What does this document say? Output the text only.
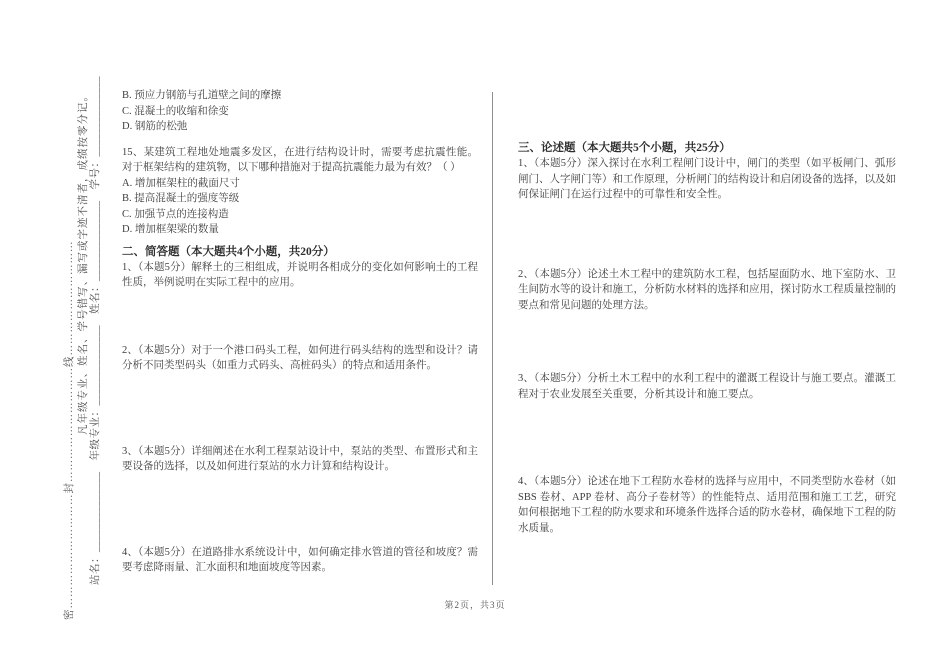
站名：______________　年级专业：______________　姓名：______________　学号：______________
凡年级专业、姓名、学号错写、漏写或字迹不清者，成绩按零分记。
密…………………………封…………………………线…………………………
B. 预应力钢筋与孔道壁之间的摩擦
C. 混凝土的收缩和徐变
D. 钢筋的松弛

15、某建筑工程地处地震多发区，在进行结构设计时，需要考虑抗震性能。对于框架结构的建筑物，以下哪种措施对于提高抗震能力最为有效？（ ）

A. 增加框架柱的截面尺寸
B. 提高混凝土的强度等级
C. 加强节点的连接构造
D. 增加框架梁的数量
二、简答题（本大题共4个小题，共20分）

1、（本题5分）解释土的三相组成，并说明各相成分的变化如何影响土的工程性质，举例说明在实际工程中的应用。

2、（本题5分）对于一个港口码头工程，如何进行码头结构的选型和设计？请分析不同类型码头（如重力式码头、高桩码头）的特点和适用条件。

3、（本题5分）详细阐述在水利工程泵站设计中，泵站的类型、布置形式和主要设备的选择，以及如何进行泵站的水力计算和结构设计。

4、（本题5分）在道路排水系统设计中，如何确定排水管道的管径和坡度？需要考虑降雨量、汇水面积和地面坡度等因素。

三、论述题（本大题共5个小题，共25分）

1、（本题5分）深入探讨在水利工程闸门设计中，闸门的类型（如平板闸门、弧形闸门、人字闸门等）和工作原理，分析闸门的结构设计和启闭设备的选择，以及如何保证闸门在运行过程中的可靠性和安全性。

2、（本题5分）论述土木工程中的建筑防水工程，包括屋面防水、地下室防水、卫生间防水等的设计和施工，分析防水材料的选择和应用，探讨防水工程质量控制的要点和常见问题的处理方法。

3、（本题5分）分析土木工程中的水利工程中的灌溉工程设计与施工要点。灌溉工程对于农业发展至关重要，分析其设计和施工要点。

4、（本题5分）论述在地下工程防水卷材的选择与应用中，不同类型防水卷材（如SBS 卷材、APP 卷材、高分子卷材等）的性能特点、适用范围和施工工艺，研究如何根据地下工程的防水要求和环境条件选择合适的防水卷材，确保地下工程的防水质量。

第2页，共3页
